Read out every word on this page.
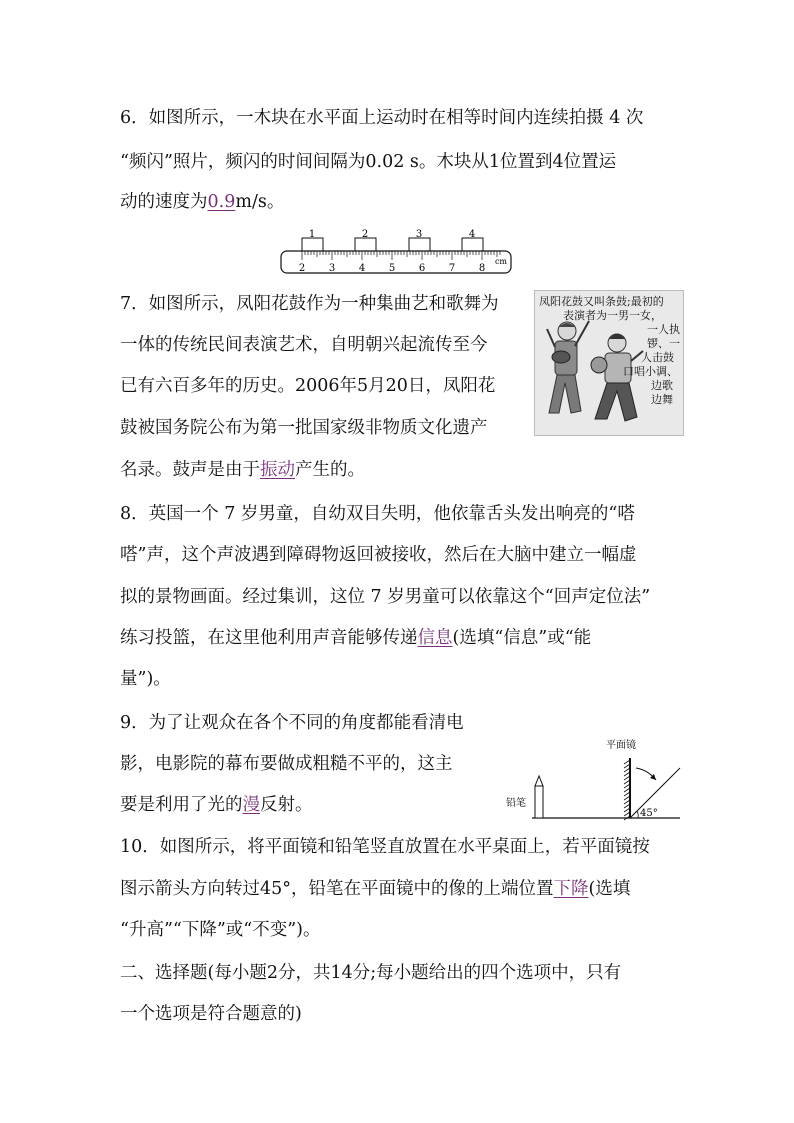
6．如图所示，一木块在水平面上运动时在相等时间内连续拍摄 4 次
“频闪”照片，频闪的时间间隔为0.02 s。木块从1位置到4位置运
动的速度为0.9m/s。
1	2	3	4
2 3 4 5 6 7 8
cm
7．如图所示，凤阳花鼓作为一种集曲艺和歌舞为
一体的传统民间表演艺术，自明朝兴起流传至今
已有六百多年的历史。2006年5月20日，凤阳花
鼓被国务院公布为第一批国家级非物质文化遗产
名录。鼓声是由于振动产生的。
凤阳花鼓又叫条鼓;最初的
表演者为一男一女，
一人执
锣、一
人击鼓
口唱小调、
边歌
边舞
8．英国一个 7 岁男童，自幼双目失明，他依靠舌头发出响亮的“嗒
嗒”声，这个声波遇到障碍物返回被接收，然后在大脑中建立一幅虚
拟的景物画面。经过集训，这位 7 岁男童可以依靠这个“回声定位法”
练习投篮，在这里他利用声音能够传递信息(选填“信息”或“能
量”)。
9．为了让观众在各个不同的角度都能看清电
影，电影院的幕布要做成粗糙不平的，这主
要是利用了光的漫反射。
平面镜
铅笔
45°
10．如图所示，将平面镜和铅笔竖直放置在水平桌面上，若平面镜按
图示箭头方向转过45°，铅笔在平面镜中的像的上端位置下降(选填
“升高”“下降”或“不变”)。
二、选择题(每小题2分，共14分;每小题给出的四个选项中，只有
一个选项是符合题意的)
